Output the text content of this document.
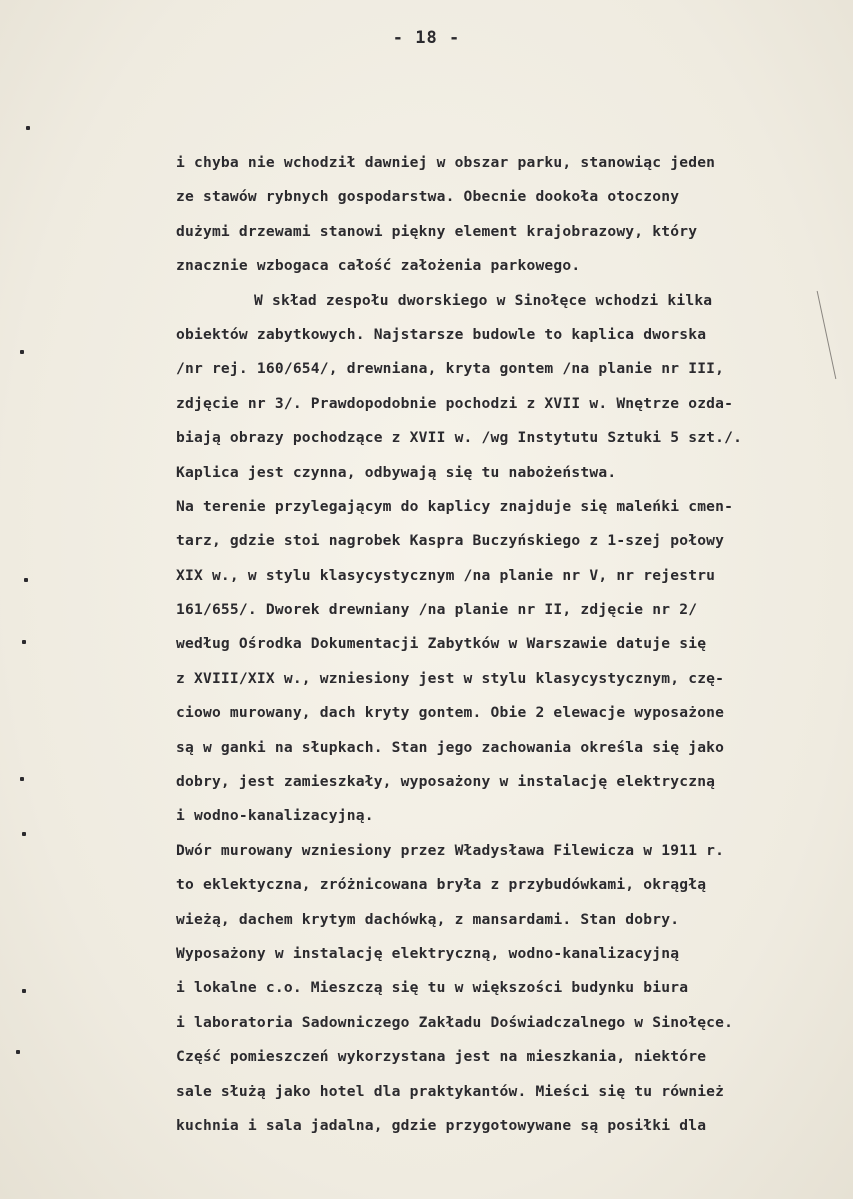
- 18 -
i chyba nie wchodził dawniej w obszar parku, stanowiąc jeden
ze stawów rybnych gospodarstwa. Obecnie dookoła otoczony
dużymi drzewami stanowi piękny element krajobrazowy, który
znacznie wzbogaca całość założenia parkowego.
W skład zespołu dworskiego w Sinołęce wchodzi kilka
obiektów zabytkowych. Najstarsze budowle to kaplica dworska
/nr rej. 160/654/, drewniana, kryta gontem /na planie nr III,
zdjęcie nr 3/. Prawdopodobnie pochodzi z XVII w. Wnętrze ozda-
biają obrazy pochodzące z XVII w. /wg Instytutu Sztuki 5 szt./.
Kaplica jest czynna, odbywają się tu nabożeństwa.
Na terenie przylegającym do kaplicy znajduje się maleńki cmen-
tarz, gdzie stoi nagrobek Kaspra Buczyńskiego z 1-szej połowy
XIX w., w stylu klasycystycznym /na planie nr V, nr rejestru
161/655/. Dworek drewniany /na planie nr II, zdjęcie nr 2/
według Ośrodka Dokumentacji Zabytków w Warszawie datuje się
z XVIII/XIX w., wzniesiony jest w stylu klasycystycznym, czę-
ciowo murowany, dach kryty gontem. Obie 2 elewacje wyposażone
są w ganki na słupkach. Stan jego zachowania określa się jako
dobry, jest zamieszkały, wyposażony w instalację elektryczną
i wodno-kanalizacyjną.
Dwór murowany wzniesiony przez Władysława Filewicza w 1911 r.
to eklektyczna, zróżnicowana bryła z przybudówkami, okrągłą
wieżą, dachem krytym dachówką, z mansardami. Stan dobry.
Wyposażony w instalację elektryczną, wodno-kanalizacyjną
i lokalne c.o. Mieszczą się tu w większości budynku biura
i laboratoria Sadowniczego Zakładu Doświadczalnego w Sinołęce.
Część pomieszczeń wykorzystana jest na mieszkania, niektóre
sale służą jako hotel dla praktykantów. Mieści się tu również
kuchnia i sala jadalna, gdzie przygotowywane są posiłki dla
